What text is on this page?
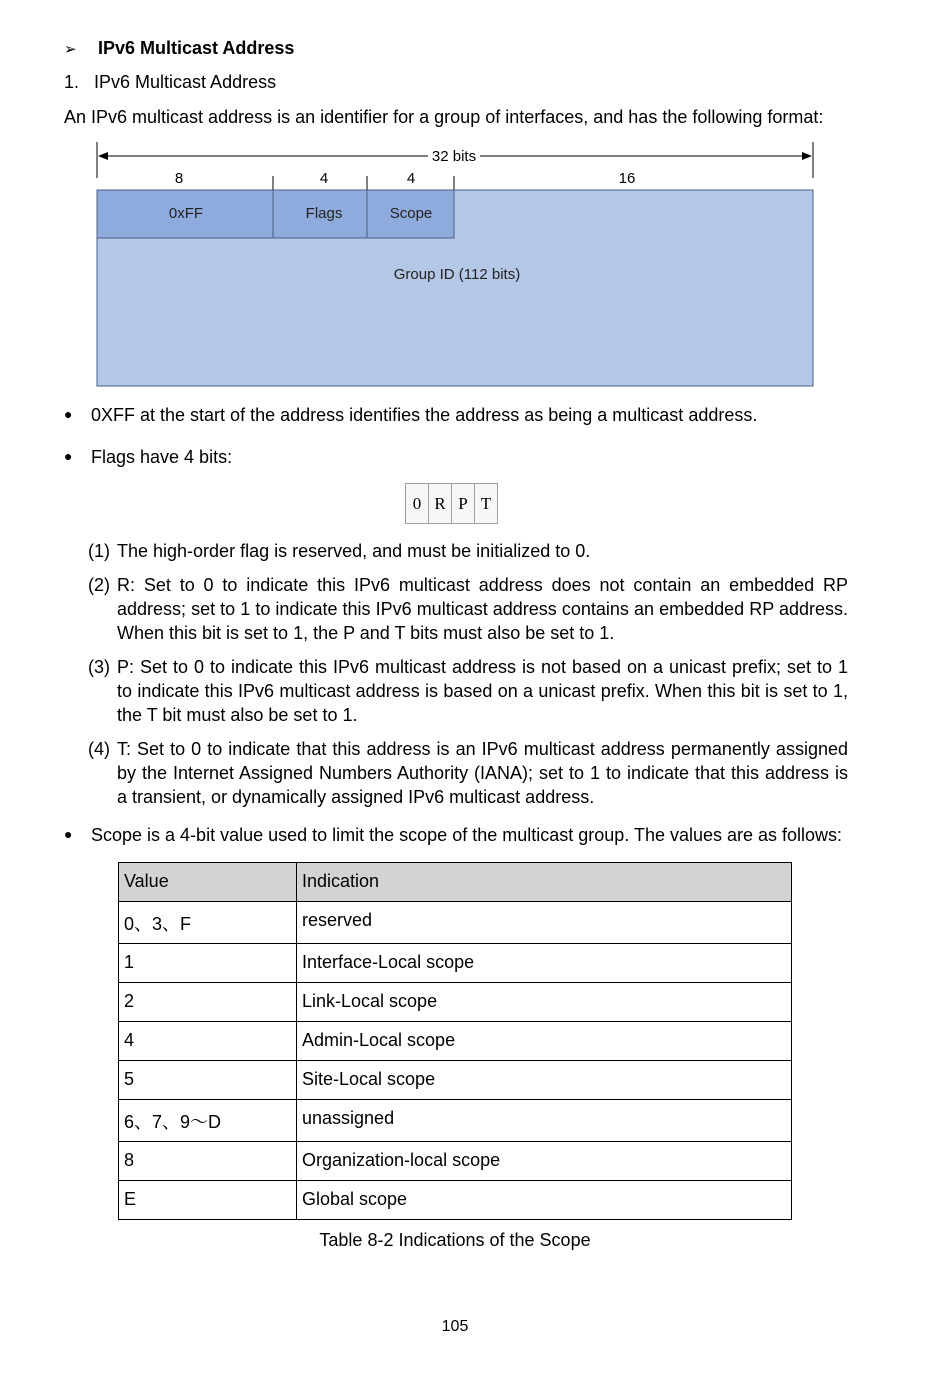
➢ IPv6 Multicast Address
1.   IPv6 Multicast Address
An IPv6 multicast address is an identifier for a group of interfaces, and has the following format:
32 bits
8	4	4	16
0xFF	Flags	Scope
Group ID (112 bits)
● 0XFF at the start of the address identifies the address as being a multicast address.
● Flags have 4 bits:
0	R	P	T
(1) The high-order flag is reserved, and must be initialized to 0.
(2) R: Set to 0 to indicate this IPv6 multicast address does not contain an embedded RP address; set to 1 to indicate this IPv6 multicast address contains an embedded RP address. When this bit is set to 1, the P and T bits must also be set to 1.
(3) P: Set to 0 to indicate this IPv6 multicast address is not based on a unicast prefix; set to 1 to indicate this IPv6 multicast address is based on a unicast prefix. When this bit is set to 1, the T bit must also be set to 1.
(4) T: Set to 0 to indicate that this address is an IPv6 multicast address permanently assigned by the Internet Assigned Numbers Authority (IANA); set to 1 to indicate that this address is a transient, or dynamically assigned IPv6 multicast address.
● Scope is a 4-bit value used to limit the scope of the multicast group. The values are as follows:
Value	Indication
0、3、F	reserved
1	Interface-Local scope
2	Link-Local scope
4	Admin-Local scope
5	Site-Local scope
6、7、9～D	unassigned
8	Organization-local scope
E	Global scope
Table 8-2 Indications of the Scope
105
